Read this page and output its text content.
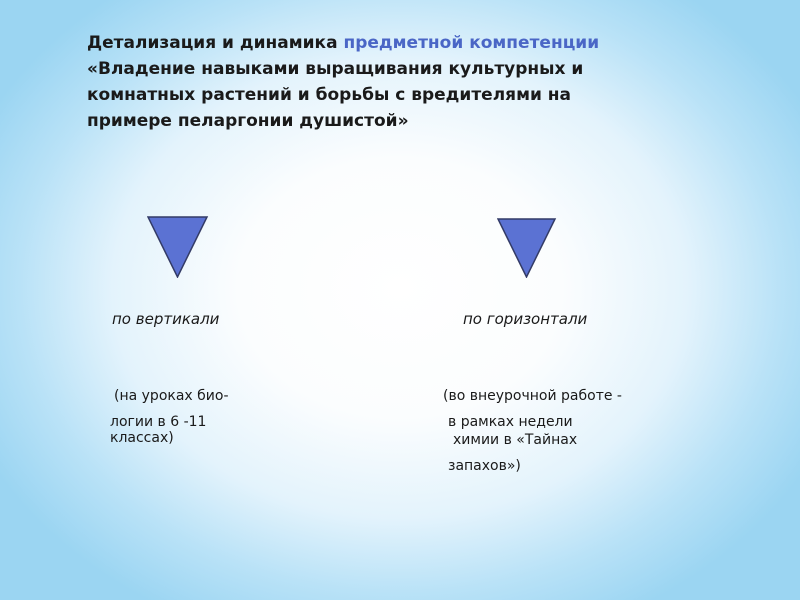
Детализация и динамика предметной компетенции
«Владение навыками выращивания культурных и
комнатных растений и борьбы с вредителями на
примере пеларгонии душистой»
по вертикали	по горизонтали
(на уроках био-
логии в 6 -11
классах)
(во внеурочной работе -
в рамках недели
химии в «Тайнах
запахов»)
